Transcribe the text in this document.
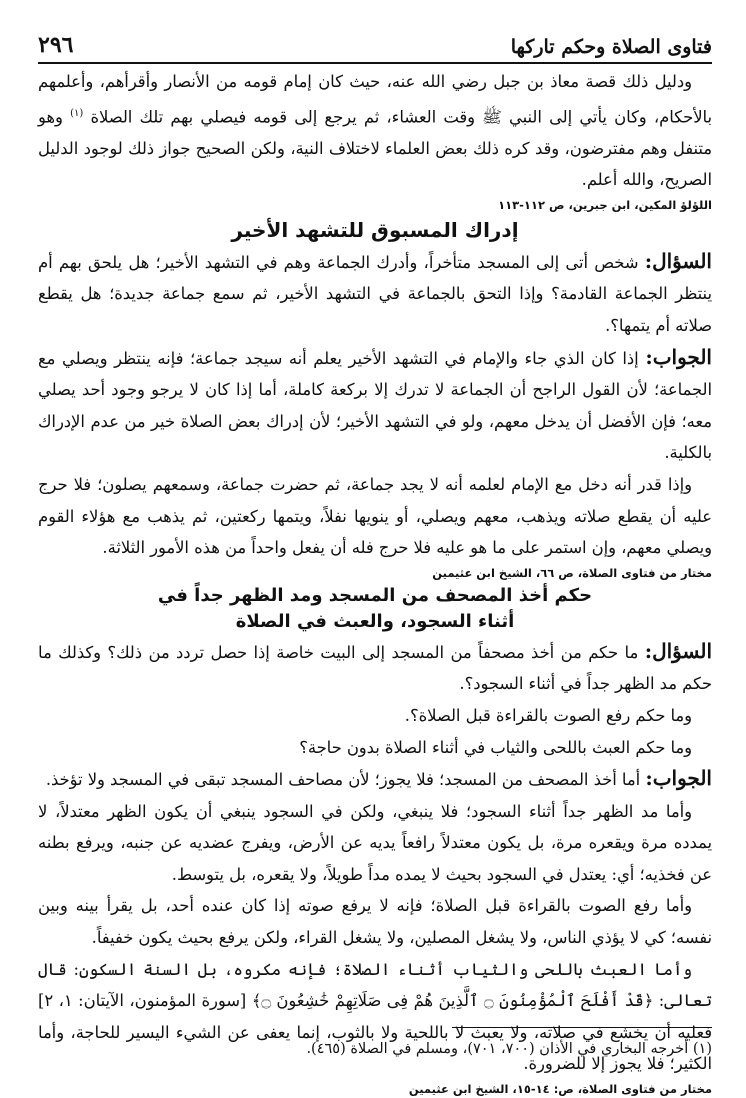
فتاوى الصلاة وحكم تاركها
٢٩٦

ودليل ذلك قصة معاذ بن جبل رضي الله عنه، حيث كان إمام قومه من الأنصار وأقرأهم، وأعلمهم بالأحكام، وكان يأتي إلى النبي ﷺ وقت العشاء، ثم يرجع إلى قومه فيصلي بهم تلك الصلاة $^{(١)}$ وهو متنفل وهم مفترضون، وقد كره ذلك بعض العلماء لاختلاف النية، ولكن الصحيح جواز ذلك لوجود الدليل الصريح، والله أعلم.

اللؤلؤ المكين، ابن جبرين، ص ١١٢-١١٣

إدراك المسبوق للتشهد الأخير

السؤال: شخص أتى إلى المسجد متأخراً، وأدرك الجماعة وهم في التشهد الأخير؛ هل يلحق بهم أم ينتظر الجماعة القادمة؟ وإذا التحق بالجماعة في التشهد الأخير، ثم سمع جماعة جديدة؛ هل يقطع صلاته أم يتمها؟.

الجواب: إذا كان الذي جاء والإمام في التشهد الأخير يعلم أنه سيجد جماعة؛ فإنه ينتظر ويصلي مع الجماعة؛ لأن القول الراجح أن الجماعة لا تدرك إلا بركعة كاملة، أما إذا كان لا يرجو وجود أحد يصلي معه؛ فإن الأفضل أن يدخل معهم، ولو في التشهد الأخير؛ لأن إدراك بعض الصلاة خير من عدم الإدراك بالكلية.

وإذا قدر أنه دخل مع الإمام لعلمه أنه لا يجد جماعة، ثم حضرت جماعة، وسمعهم يصلون؛ فلا حرج عليه أن يقطع صلاته ويذهب، معهم ويصلي، أو ينويها نفلاً، ويتمها ركعتين، ثم يذهب مع هؤلاء القوم ويصلي معهم، وإن استمر على ما هو عليه فلا حرج فله أن يفعل واحداً من هذه الأمور الثلاثة.

مختار من فتاوى الصلاة، ص ٦٦، الشيخ ابن عثيمين

حكم أخذ المصحف من المسجد ومد الظهر جداً في
أثناء السجود، والعبث في الصلاة

السؤال: ما حكم من أخذ مصحفاً من المسجد إلى البيت خاصة إذا حصل تردد من ذلك؟ وكذلك ما حكم مد الظهر جداً في أثناء السجود؟.

وما حكم رفع الصوت بالقراءة قبل الصلاة؟.

وما حكم العبث باللحى والثياب في أثناء الصلاة بدون حاجة؟

الجواب: أما أخذ المصحف من المسجد؛ فلا يجوز؛ لأن مصاحف المسجد تبقى في المسجد ولا تؤخذ.

وأما مد الظهر جداً أثناء السجود؛ فلا ينبغي، ولكن في السجود ينبغي أن يكون الظهر معتدلاً، لا يمدده مرة ويقعره مرة، بل يكون معتدلاً رافعاً يديه عن الأرض، ويفرج عضديه عن جنبه، ويرفع بطنه عن فخذيه؛ أي: يعتدل في السجود بحيث لا يمده مداً طويلاً، ولا يقعره، بل يتوسط.

وأما رفع الصوت بالقراءة قبل الصلاة؛ فإنه لا يرفع صوته إذا كان عنده أحد، بل يقرأ بينه وبين نفسه؛ كي لا يؤذي الناس، ولا يشغل المصلين، ولا يشغل القراء، ولكن يرفع بحيث يكون خفيفاً.

وأما العبث باللحى والثياب أثناء الصلاة؛ فإنه مكروه، بل السنة السكون: قال تعالى: ﴿قَدْ أَفْلَحَ ٱلْمُؤْمِنُونَ ۝ ٱلَّذِينَ هُمْ فِى صَلَاتِهِمْ خَٰشِعُونَ ۝﴾ [سورة المؤمنون، الآيتان: ١، ٢] فعليه أن يخشع في صلاته، ولا يعبث لا باللحية ولا بالثوب، إنما يعفى عن الشيء اليسير للحاجة، وأما الكثير؛ فلا يجوز إلا للضرورة.

مختار من فتاوى الصلاة، ص: ١٤-١٥، الشيخ ابن عثيمين

(١) أخرجه البخاري في الأذان (٧٠٠، ٧٠١)، ومسلم في الصلاة (٤٦٥).
